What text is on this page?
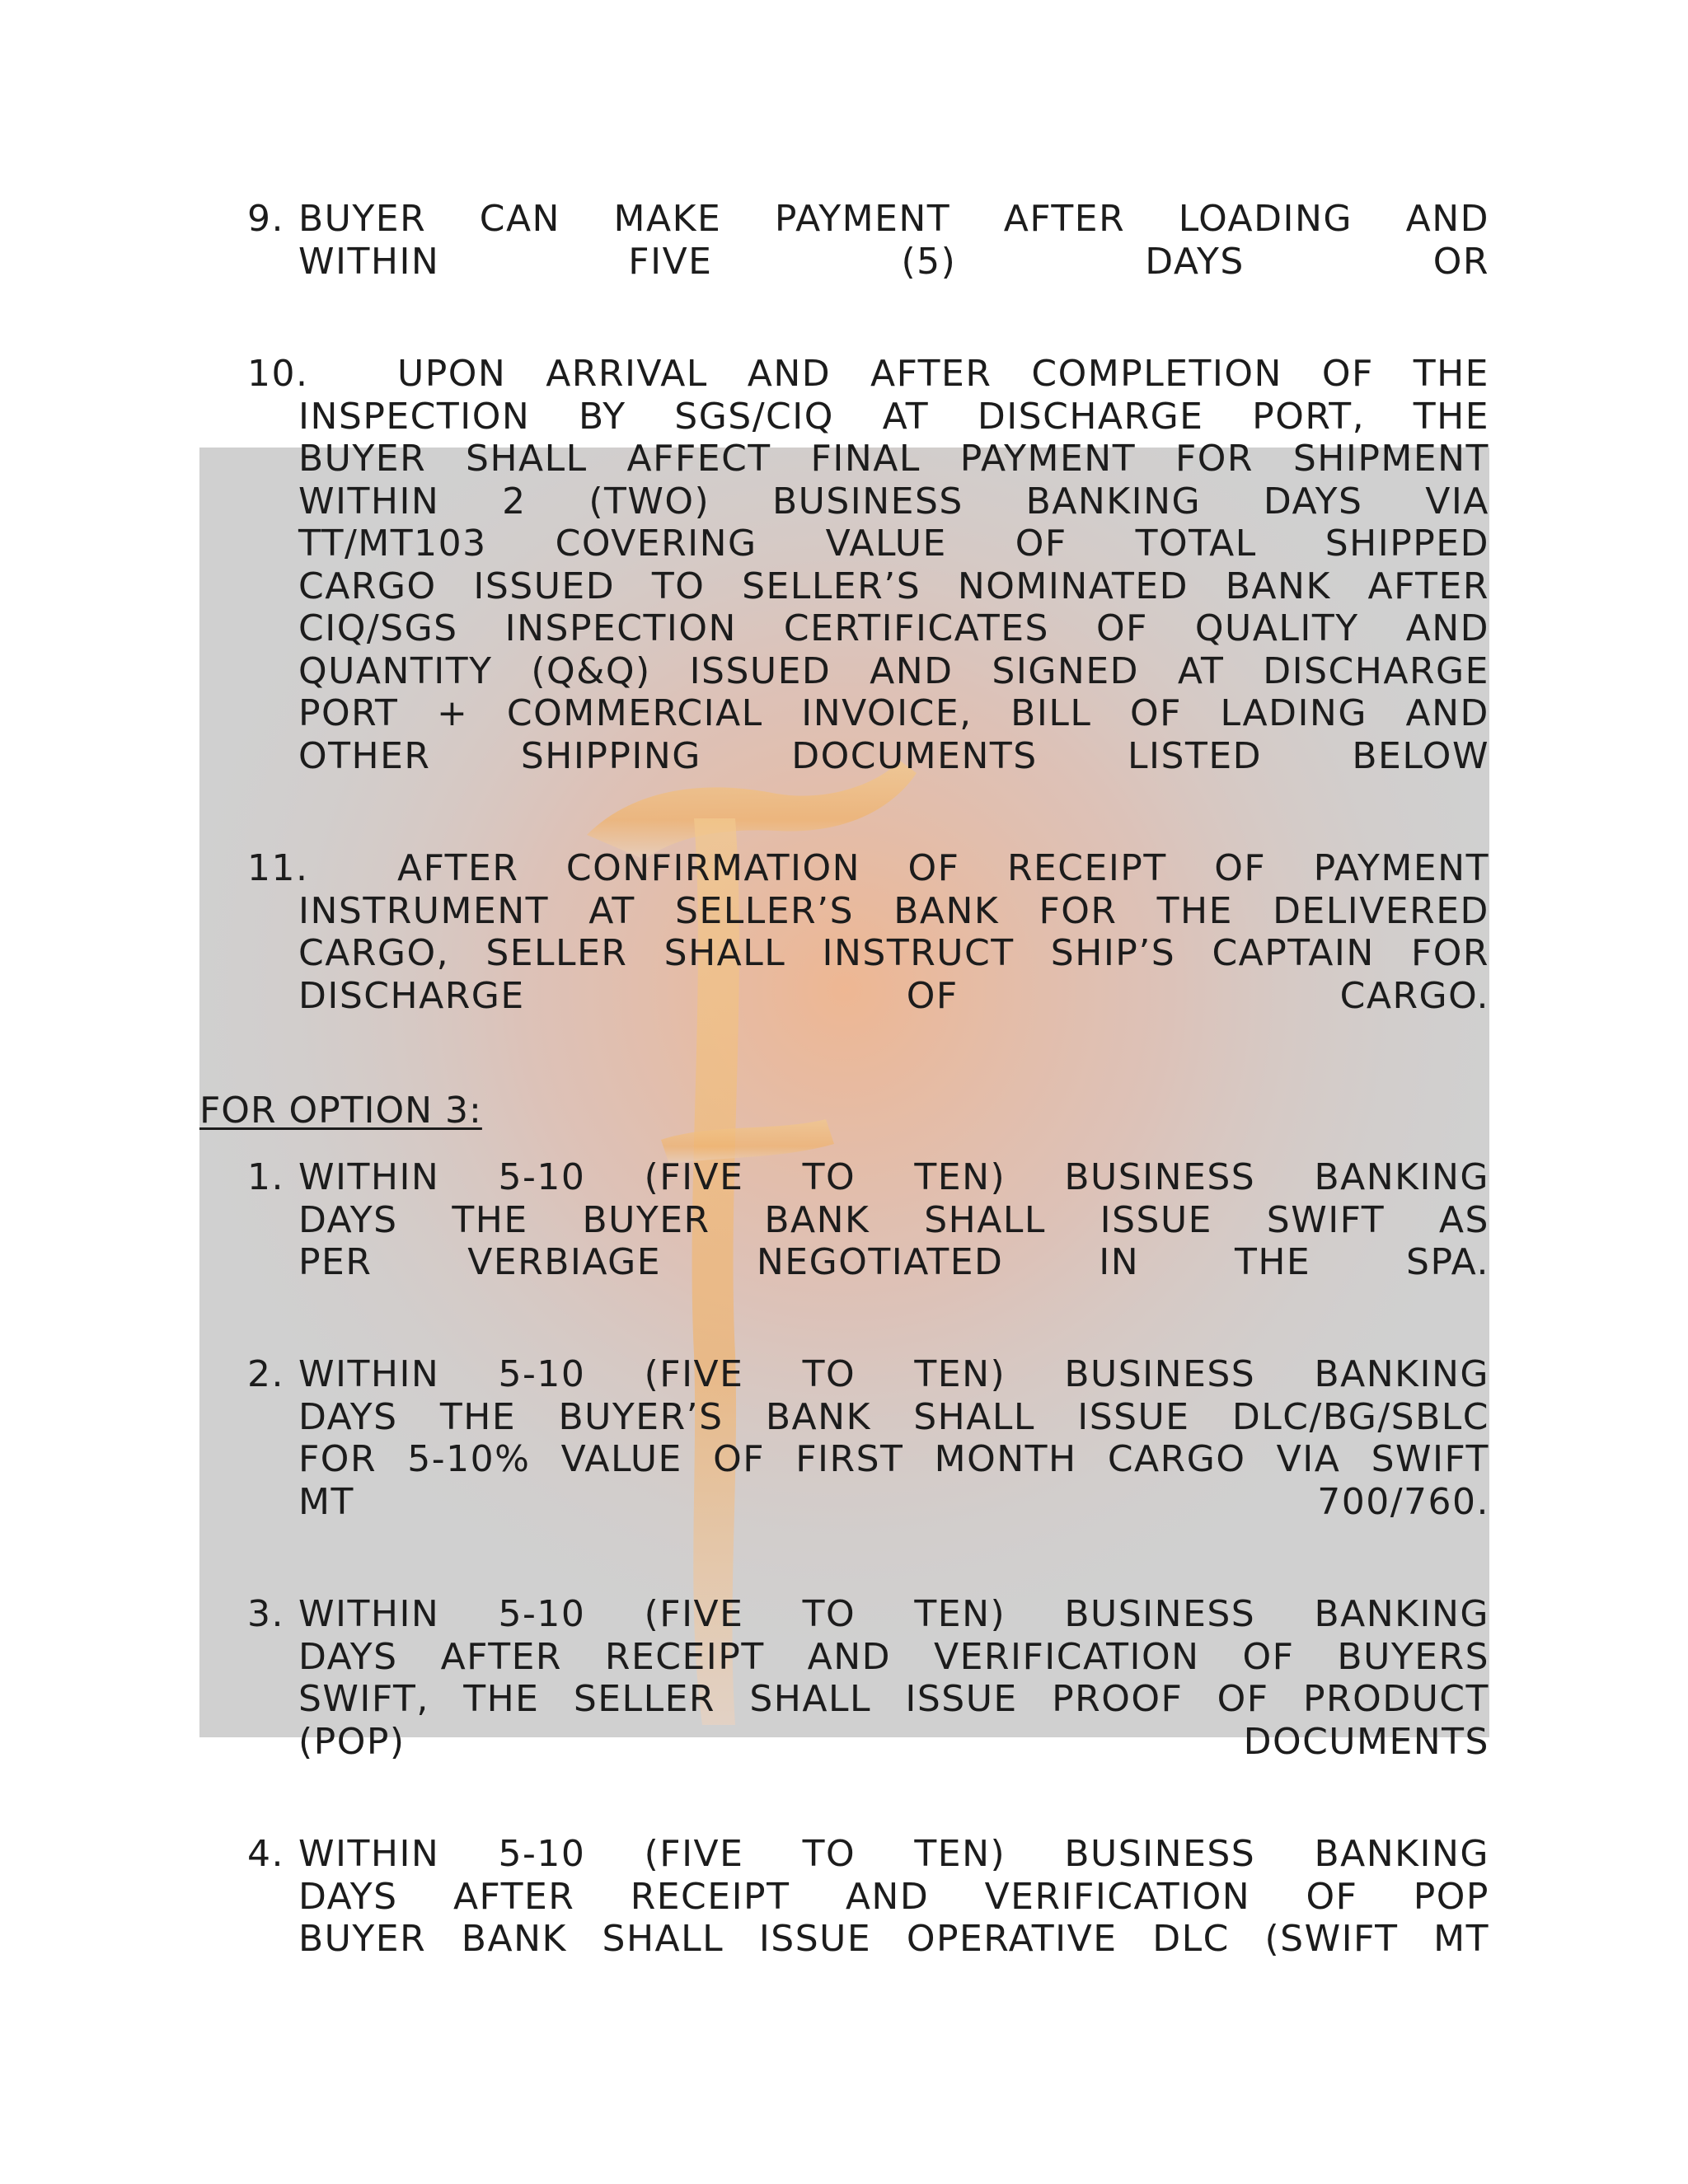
9. BUYER CAN MAKE PAYMENT AFTER LOADING AND
WITHIN	FIVE	(5)	DAYS	OR
10. UPON ARRIVAL AND AFTER COMPLETION OF THE
INSPECTION BY SGS/CIQ AT DISCHARGE PORT, THE
BUYER SHALL AFFECT FINAL PAYMENT FOR SHIPMENT
WITHIN 2 (TWO) BUSINESS BANKING DAYS VIA
TT/MT103 COVERING VALUE OF TOTAL SHIPPED
CARGO ISSUED TO SELLER’S NOMINATED BANK AFTER
CIQ/SGS INSPECTION CERTIFICATES OF QUALITY AND
QUANTITY (Q&Q) ISSUED AND SIGNED AT DISCHARGE
PORT + COMMERCIAL INVOICE, BILL OF LADING AND
OTHER SHIPPING DOCUMENTS LISTED BELOW
11. AFTER CONFIRMATION OF RECEIPT OF PAYMENT
INSTRUMENT AT SELLER’S BANK FOR THE DELIVERED
CARGO, SELLER SHALL INSTRUCT SHIP’S CAPTAIN FOR
DISCHARGE	OF	CARGO.
FOR OPTION 3:
1. WITHIN 5-10 (FIVE TO TEN) BUSINESS BANKING
DAYS THE BUYER BANK SHALL ISSUE SWIFT AS
PER	VERBIAGE	NEGOTIATED	IN	THE	SPA.
2. WITHIN 5-10 (FIVE TO TEN) BUSINESS BANKING
DAYS THE BUYER’S BANK SHALL ISSUE DLC/BG/SBLC
FOR 5-10% VALUE OF FIRST MONTH CARGO VIA SWIFT
MT	700/760.
3. WITHIN 5-10 (FIVE TO TEN) BUSINESS BANKING
DAYS AFTER RECEIPT AND VERIFICATION OF BUYERS
SWIFT, THE SELLER SHALL ISSUE PROOF OF PRODUCT
(POP)	DOCUMENTS
4. WITHIN 5-10 (FIVE TO TEN) BUSINESS BANKING
DAYS AFTER RECEIPT AND VERIFICATION OF POP
BUYER BANK SHALL ISSUE OPERATIVE DLC (SWIFT MT
